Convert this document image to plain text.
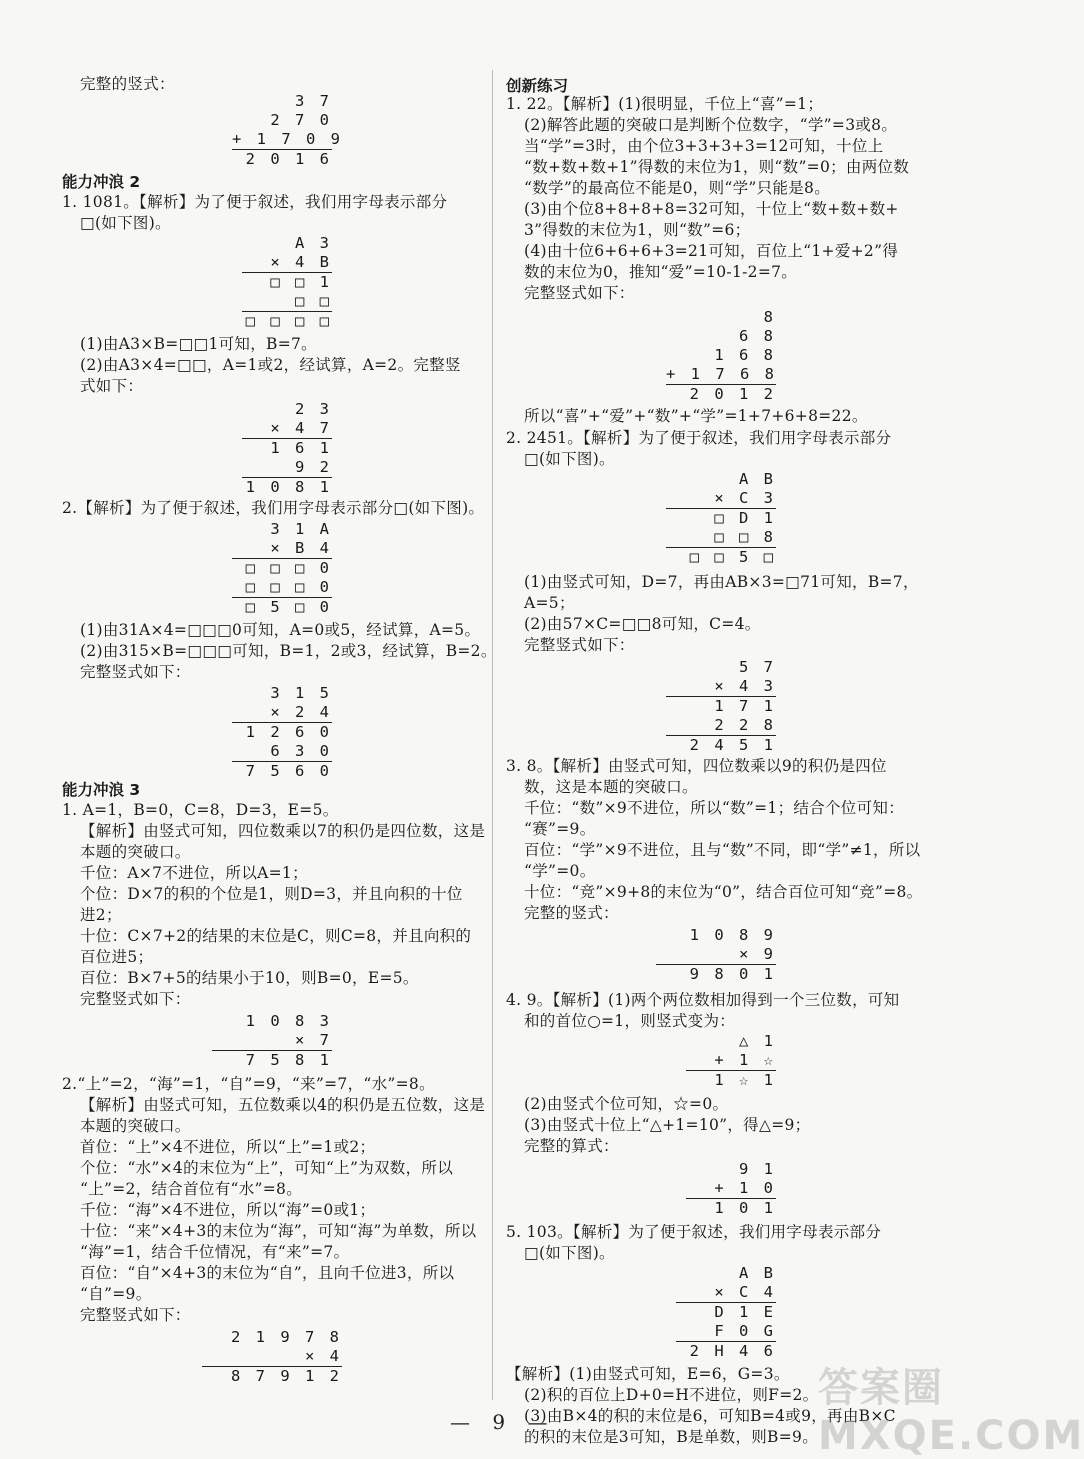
完整的竖式：
3 7
2 7 0
+ 1 7 0 9
2 0 1 6
能力冲浪 2
1. 1081。【解析】为了便于叙述，我们用字母表示部分
□(如下图)。
A 3
× 4 B
□ □ 1
□ □
□ □ □ □
(1)由A3×B=□□1可知，B=7。
(2)由A3×4=□□，A=1或2，经试算，A=2。完整竖
式如下：
2 3
× 4 7
1 6 1
9 2
1 0 8 1
2.【解析】为了便于叙述，我们用字母表示部分□(如下图)。
3 1 A
× B 4
□ □ □ 0
□ □ □ 0
□ 5 □ 0
(1)由31A×4=□□□0可知，A=0或5，经试算，A=5。
(2)由315×B=□□□可知，B=1，2或3，经试算，B=2。
完整竖式如下：
3 1 5
× 2 4
1 2 6 0
6 3 0
7 5 6 0
能力冲浪 3
1. A=1，B=0，C=8，D=3，E=5。
【解析】由竖式可知，四位数乘以7的积仍是四位数，这是
本题的突破口。
千位：A×7不进位，所以A=1；
个位：D×7的积的个位是1，则D=3，并且向积的十位
进2；
十位：C×7+2的结果的末位是C，则C=8，并且向积的
百位进5；
百位：B×7+5的结果小于10，则B=0，E=5。
完整竖式如下：
1 0 8 3
× 7
7 5 8 1
2.“上”=2，“海”=1，“自”=9，“来”=7，“水”=8。
【解析】由竖式可知，五位数乘以4的积仍是五位数，这是
本题的突破口。
首位：“上”×4不进位，所以“上”=1或2；
个位：“水”×4的末位为“上”，可知“上”为双数，所以
“上”=2，结合首位有“水”=8。
千位：“海”×4不进位，所以“海”=0或1；
十位：“来”×4+3的末位为“海”，可知“海”为单数，所以
“海”=1，结合千位情况，有“来”=7。
百位：“自”×4+3的末位为“自”，且向千位进3，所以
“自”=9。
完整竖式如下：
2 1 9 7 8
× 4
8 7 9 1 2
创新练习
1. 22。【解析】(1)很明显，千位上“喜”=1；
(2)解答此题的突破口是判断个位数字，“学”=3或8。
当“学”=3时，由个位3+3+3+3=12可知，十位上
“数+数+数+1”得数的末位为1，则“数”=0；由两位数
“数学”的最高位不能是0，则“学”只能是8。
(3)由个位8+8+8+8=32可知，十位上“数+数+数+
3”得数的末位为1，则“数”=6；
(4)由十位6+6+6+3=21可知，百位上“1+爱+2”得
数的末位为0，推知“爱”=10-1-2=7。
完整竖式如下：
8
6 8
1 6 8
+ 1 7 6 8
2 0 1 2
所以“喜”+“爱”+“数”+“学”=1+7+6+8=22。
2. 2451。【解析】为了便于叙述，我们用字母表示部分
□(如下图)。
A B
× C 3
□ D 1
□ □ 8
□ □ 5 □
(1)由竖式可知，D=7，再由AB×3=□71可知，B=7，
A=5；
(2)由57×C=□□8可知，C=4。
完整竖式如下：
5 7
× 4 3
1 7 1
2 2 8
2 4 5 1
3. 8。【解析】由竖式可知，四位数乘以9的积仍是四位
数，这是本题的突破口。
千位：“数”×9不进位，所以“数”=1；结合个位可知：
“赛”=9。
百位：“学”×9不进位，且与“数”不同，即“学”≠1，所以
“学”=0。
十位：“竞”×9+8的末位为“0”，结合百位可知“竞”=8。
完整的竖式：
1 0 8 9
× 9
9 8 0 1
4. 9。【解析】(1)两个两位数相加得到一个三位数，可知
和的首位○=1，则竖式变为：
△ 1
+ 1 ☆
1 ☆ 1
(2)由竖式个位可知，☆=0。
(3)由竖式十位上“△+1=10”，得△=9；
完整的算式：
9 1
+ 1 0
1 0 1
5. 103。【解析】为了便于叙述，我们用字母表示部分
□(如下图)。
A B
× C 4
D 1 E
F 0 G
2 H 4 6
【解析】(1)由竖式可知，E=6，G=3。
(2)积的百位上D+0=H不进位，则F=2。
(3)由B×4的积的末位是6，可知B=4或9，再由B×C
的积的末位是3可知，B是单数，则B=9。
— 9 —
答案圈 MXQE.COM
